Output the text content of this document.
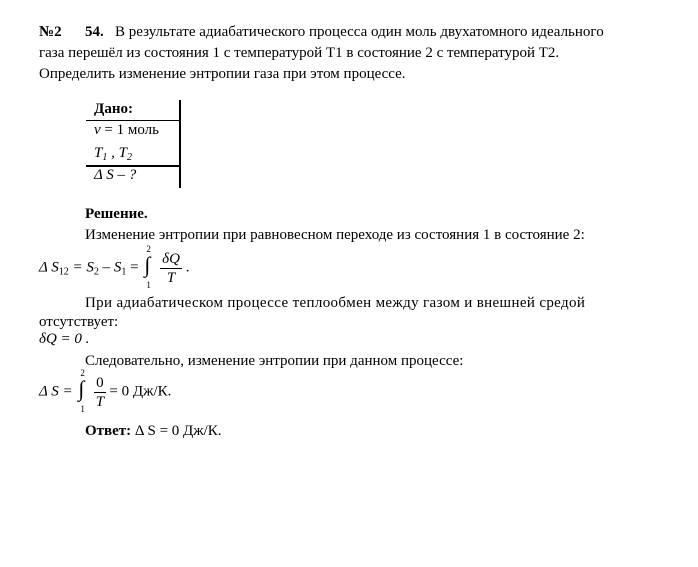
№2 54. В результате адиабатического процесса один моль двухатомного идеального
газа перешёл из состояния 1 с температурой T1 в состояние 2 с температурой T2.
Определить изменение энтропии газа при этом процессе.
Дано:
ν = 1 моль
$T_1$ , $T_2$
Δ S – ?
Решение.
Изменение энтропии при равновесном переходе из состояния 1 в состояние 2:
Δ $S_{12} = S_2 - S_1$ =
2
∫
1
$\frac{\delta Q}{T}$ .
При адиабатическом процессе теплообмен между газом и внешней средой
отсутствует:
δQ = 0 .
Следовательно, изменение энтропии при данном процессе:
Δ S =
2
∫
1
$\frac{0}{T} = 0$ Дж/К.
Ответ: Δ S = 0 Дж/К.
